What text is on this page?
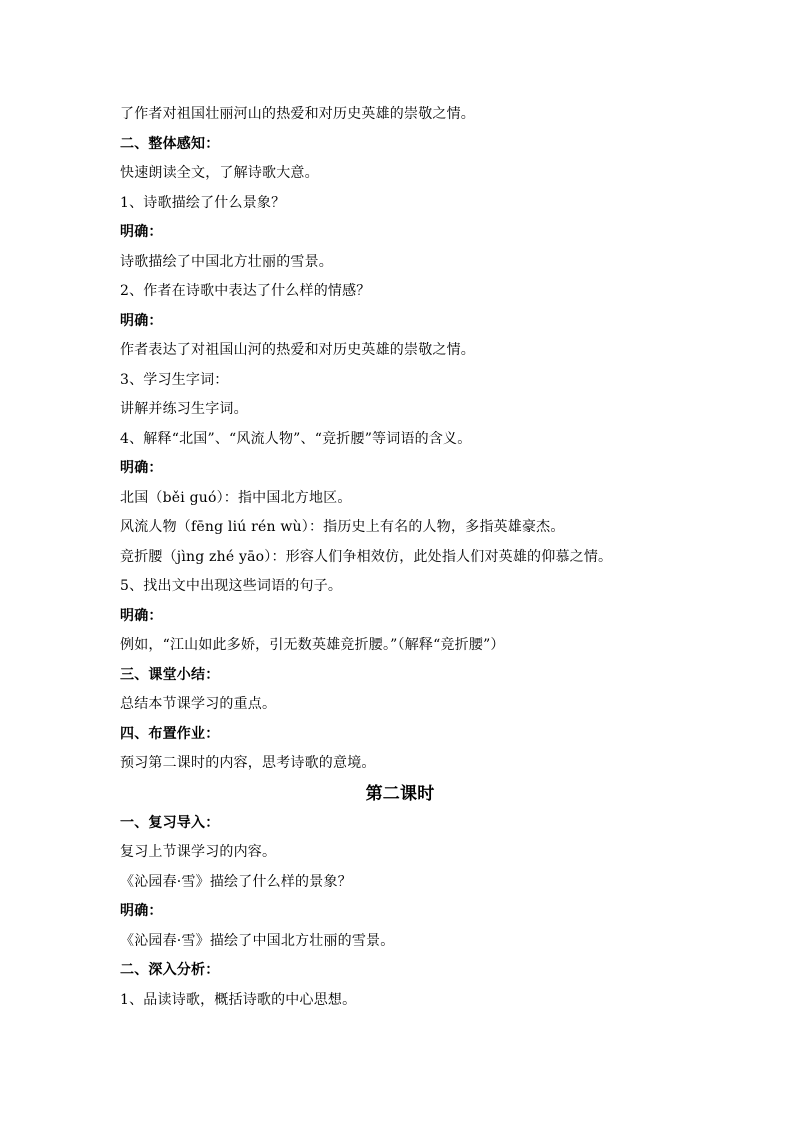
了作者对祖国壮丽河山的热爱和对历史英雄的崇敬之情。
二、整体感知：
快速朗读全文，了解诗歌大意。
1、诗歌描绘了什么景象？
明确：
诗歌描绘了中国北方壮丽的雪景。
2、作者在诗歌中表达了什么样的情感？
明确：
作者表达了对祖国山河的热爱和对历史英雄的崇敬之情。
3、学习生字词：
讲解并练习生字词。
4、解释“北国”、“风流人物”、“竞折腰”等词语的含义。
明确：
北国（běi guó）：指中国北方地区。
风流人物（fēng liú rén wù）：指历史上有名的人物，多指英雄豪杰。
竞折腰（jìng zhé yāo）：形容人们争相效仿，此处指人们对英雄的仰慕之情。
5、找出文中出现这些词语的句子。
明确：
例如，“江山如此多娇，引无数英雄竞折腰。”（解释“竞折腰”）
三、课堂小结：
总结本节课学习的重点。
四、布置作业：
预习第二课时的内容，思考诗歌的意境。
第二课时
一、复习导入：
复习上节课学习的内容。
《沁园春·雪》描绘了什么样的景象？
明确：
《沁园春·雪》描绘了中国北方壮丽的雪景。
二、深入分析：
1、品读诗歌，概括诗歌的中心思想。
